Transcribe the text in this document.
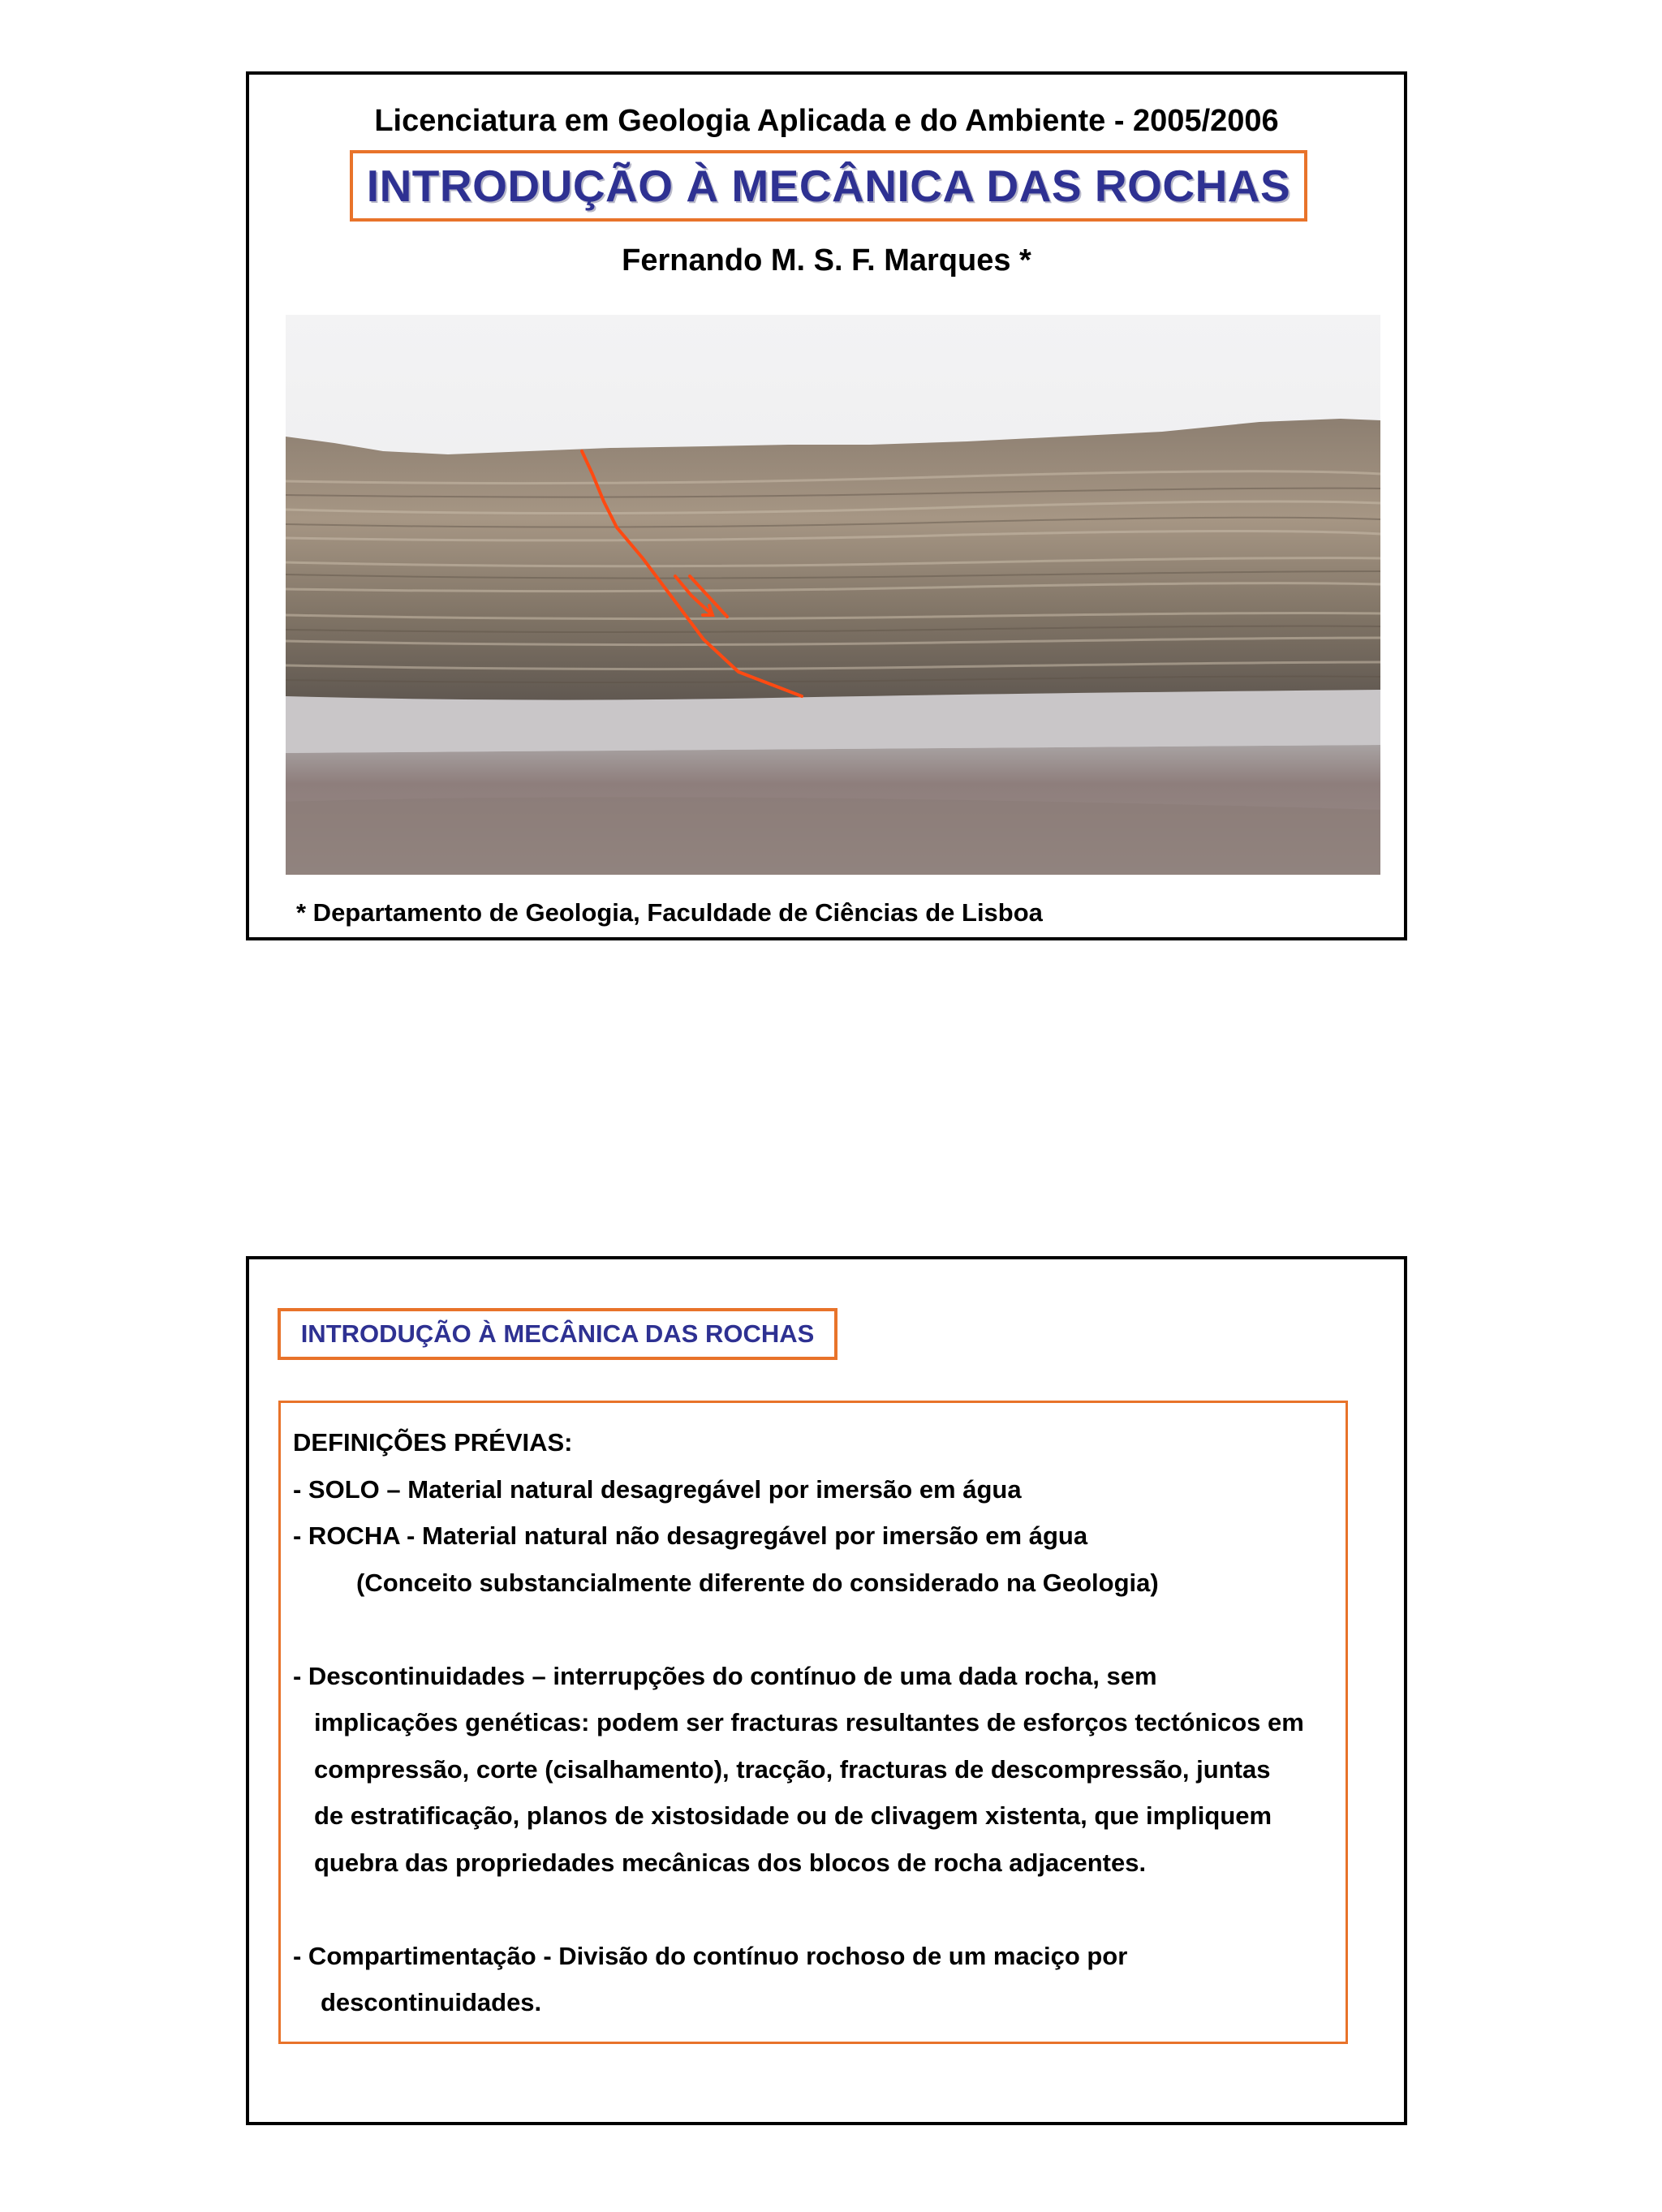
Licenciatura em Geologia Aplicada e do Ambiente - 2005/2006
INTRODUÇÃO À MECÂNICA DAS ROCHAS
Fernando M. S. F. Marques *
* Departamento de Geologia, Faculdade de Ciências de Lisboa
INTRODUÇÃO À MECÂNICA DAS ROCHAS

DEFINIÇÕES PRÉVIAS:

- SOLO – Material natural desagregável por imersão em água

- ROCHA - Material natural não desagregável por imersão em água

(Conceito substancialmente diferente do considerado na Geologia)

- Descontinuidades – interrupções do contínuo de uma dada rocha, sem

implicações genéticas: podem ser fracturas resultantes de esforços tectónicos em

compressão, corte (cisalhamento), tracção, fracturas de descompressão, juntas

de estratificação, planos de xistosidade ou de clivagem xistenta, que impliquem

quebra das propriedades mecânicas dos blocos de rocha adjacentes.

- Compartimentação - Divisão do contínuo rochoso de um maciço por

descontinuidades.
